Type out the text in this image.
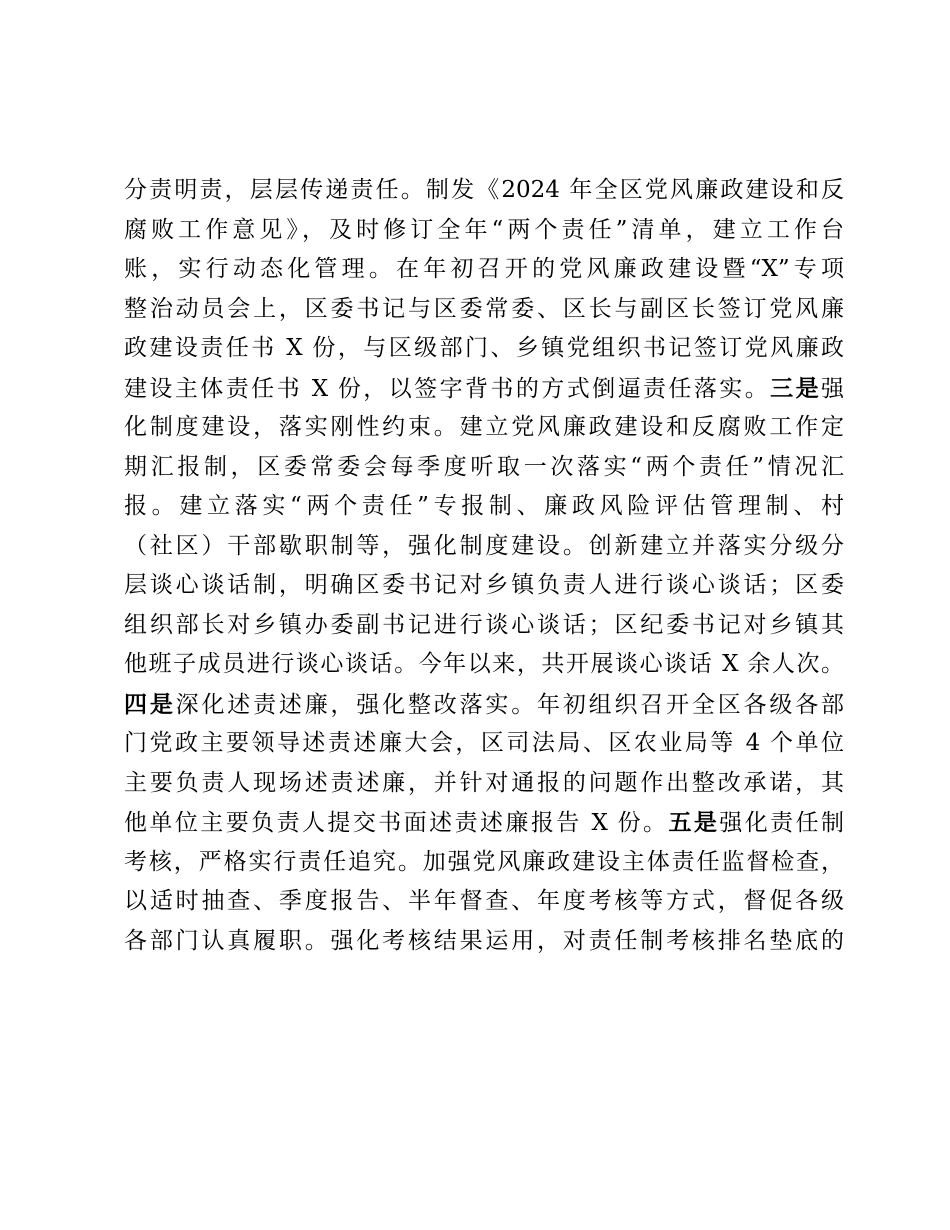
分责明责，层层传递责任。制发《2024 年全区党风廉政建设和反
腐败工作意见》，及时修订全年“两个责任”清单，建立工作台
账，实行动态化管理。在年初召开的党风廉政建设暨“X”专项
整治动员会上，区委书记与区委常委、区长与副区长签订党风廉
政建设责任书 X 份，与区级部门、乡镇党组织书记签订党风廉政
建设主体责任书 X 份，以签字背书的方式倒逼责任落实。三是强
化制度建设，落实刚性约束。建立党风廉政建设和反腐败工作定
期汇报制，区委常委会每季度听取一次落实“两个责任”情况汇
报。建立落实“两个责任”专报制、廉政风险评估管理制、村
（社区）干部歇职制等，强化制度建设。创新建立并落实分级分
层谈心谈话制，明确区委书记对乡镇负责人进行谈心谈话；区委
组织部长对乡镇办委副书记进行谈心谈话；区纪委书记对乡镇其
他班子成员进行谈心谈话。今年以来，共开展谈心谈话 X 余人次。
四是深化述责述廉，强化整改落实。年初组织召开全区各级各部
门党政主要领导述责述廉大会，区司法局、区农业局等 4 个单位
主要负责人现场述责述廉，并针对通报的问题作出整改承诺，其
他单位主要负责人提交书面述责述廉报告 X 份。五是强化责任制
考核，严格实行责任追究。加强党风廉政建设主体责任监督检查，
以适时抽查、季度报告、半年督查、年度考核等方式，督促各级
各部门认真履职。强化考核结果运用，对责任制考核排名垫底的
